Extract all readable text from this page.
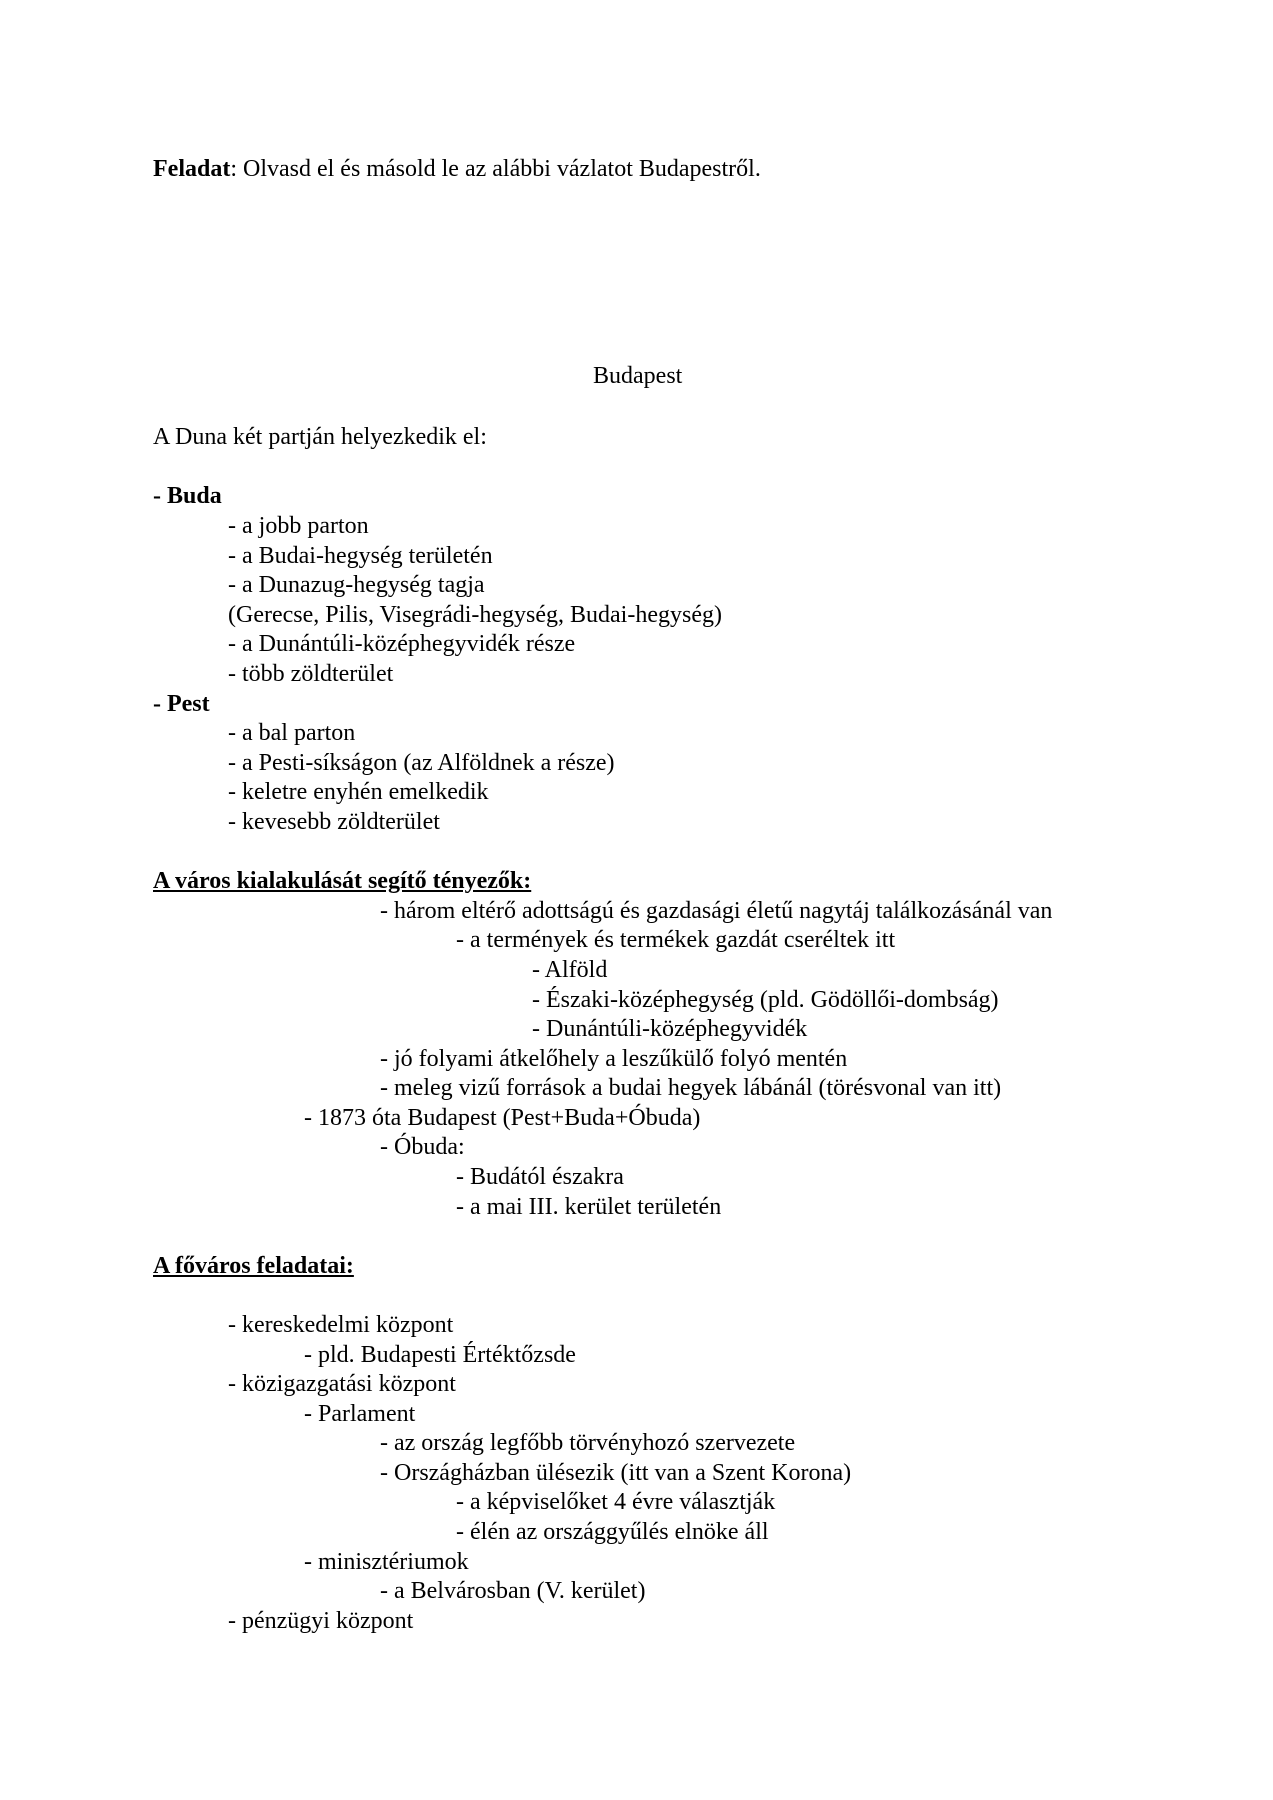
Feladat: Olvasd el és másold le az alábbi vázlatot Budapestről.
Budapest
A Duna két partján helyezkedik el:
- Buda
- a jobb parton
- a Budai-hegység területén
- a Dunazug-hegység tagja
(Gerecse, Pilis, Visegrádi-hegység, Budai-hegység)
- a Dunántúli-középhegyvidék része
- több zöldterület
- Pest
- a bal parton
- a Pesti-síkságon (az Alföldnek a része)
- keletre enyhén emelkedik
- kevesebb zöldterület
A város kialakulását segítő tényezők:
- három eltérő adottságú és gazdasági életű nagytáj találkozásánál van
- a termények és termékek gazdát cseréltek itt
- Alföld
- Északi-középhegység (pld. Gödöllői-dombság)
- Dunántúli-középhegyvidék
- jó folyami átkelőhely a leszűkülő folyó mentén
- meleg vizű források a budai hegyek lábánál (törésvonal van itt)
- 1873 óta Budapest (Pest+Buda+Óbuda)
- Óbuda:
- Budától északra
- a mai III. kerület területén
A főváros feladatai:
- kereskedelmi központ
- pld. Budapesti Értéktőzsde
- közigazgatási központ
- Parlament
- az ország legfőbb törvényhozó szervezete
- Országházban ülésezik (itt van a Szent Korona)
- a képviselőket 4 évre választják
- élén az országgyűlés elnöke áll
- minisztériumok
- a Belvárosban (V. kerület)
- pénzügyi központ
